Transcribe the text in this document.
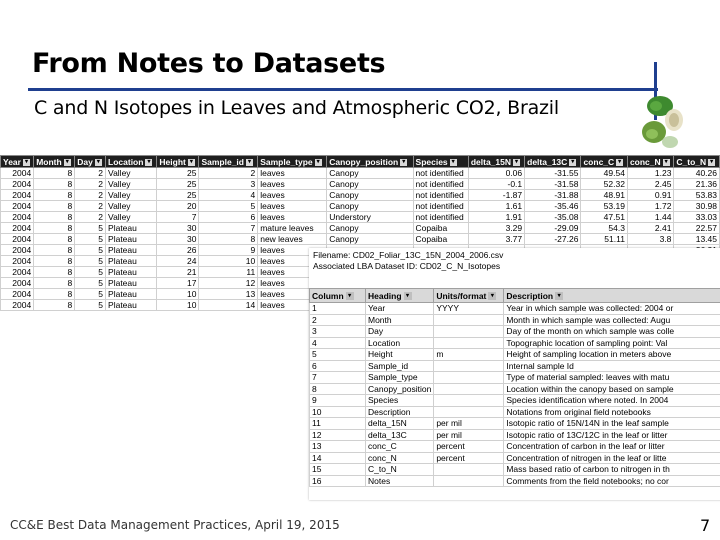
From Notes to Datasets
C and N Isotopes in Leaves and Atmospheric CO2, Brazil
Year ▾	Month ▾	Day ▾	Location ▾	Height ▾	Sample_id ▾	Sample_type ▾	Canopy_position ▾	Species ▾	delta_15N ▾	delta_13C ▾	conc_C ▾	conc_N ▾	C_to_N ▾
2004	8	2	Valley	25	2	leaves	Canopy	not identified	0.06	-31.55	49.54	1.23	40.26
2004	8	2	Valley	25	3	leaves	Canopy	not identified	-0.1	-31.58	52.32	2.45	21.36
2004	8	2	Valley	25	4	leaves	Canopy	not identified	-1.87	-31.88	48.91	0.91	53.83
2004	8	2	Valley	20	5	leaves	Canopy	not identified	1.61	-35.46	53.19	1.72	30.98
2004	8	2	Valley	7	6	leaves	Understory	not identified	1.91	-35.08	47.51	1.44	33.03
2004	8	5	Plateau	30	7	mature leaves	Canopy	Copaiba	3.29	-29.09	54.3	2.41	22.57
2004	8	5	Plateau	30	8	new leaves	Canopy	Copaiba	3.77	-27.26	51.11	3.8	13.45
2004	8	5	Plateau	26	9	leaves							
2004	8	5	Plateau	24	10	leaves							
2004	8	5	Plateau	21	11	leaves							
2004	8	5	Plateau	17	12	leaves							
2004	8	5	Plateau	10	13	leaves							
2004	8	5	Plateau	10	14	leaves							
Filename: CD02_Foliar_13C_15N_2004_2006.csv
Associated LBA Dataset ID: CD02_C_N_Isotopes
Column ▾	Heading ▾	Units/format ▾	Description ▾
1	Year	YYYY	Year in which sample was collected: 2004 or
2	Month		Month in which sample was collected: Augu
3	Day		Day of the month on which sample was colle
4	Location		Topographic location of sampling point: Val
5	Height	m	Height of sampling location in meters above
6	Sample_id		Internal sample Id
7	Sample_type		Type of material sampled: leaves with matu
8	Canopy_position		Location within the canopy based on sample
9	Species		Species identification where noted. In 2004
10	Description		Notations from original field notebooks
11	delta_15N	per mil	Isotopic ratio of 15N/14N in the leaf sample
12	delta_13C	per mil	Isotopic ratio of 13C/12C in the leaf or litter
13	conc_C	percent	Concentration of carbon in the leaf or litter
14	conc_N	percent	Concentration of nitrogen in the leaf or litte
15	C_to_N		Mass based ratio of carbon to nitrogen in th
16	Notes		Comments from the field notebooks; no cor
CC&E Best Data Management Practices, April 19, 2015	7
